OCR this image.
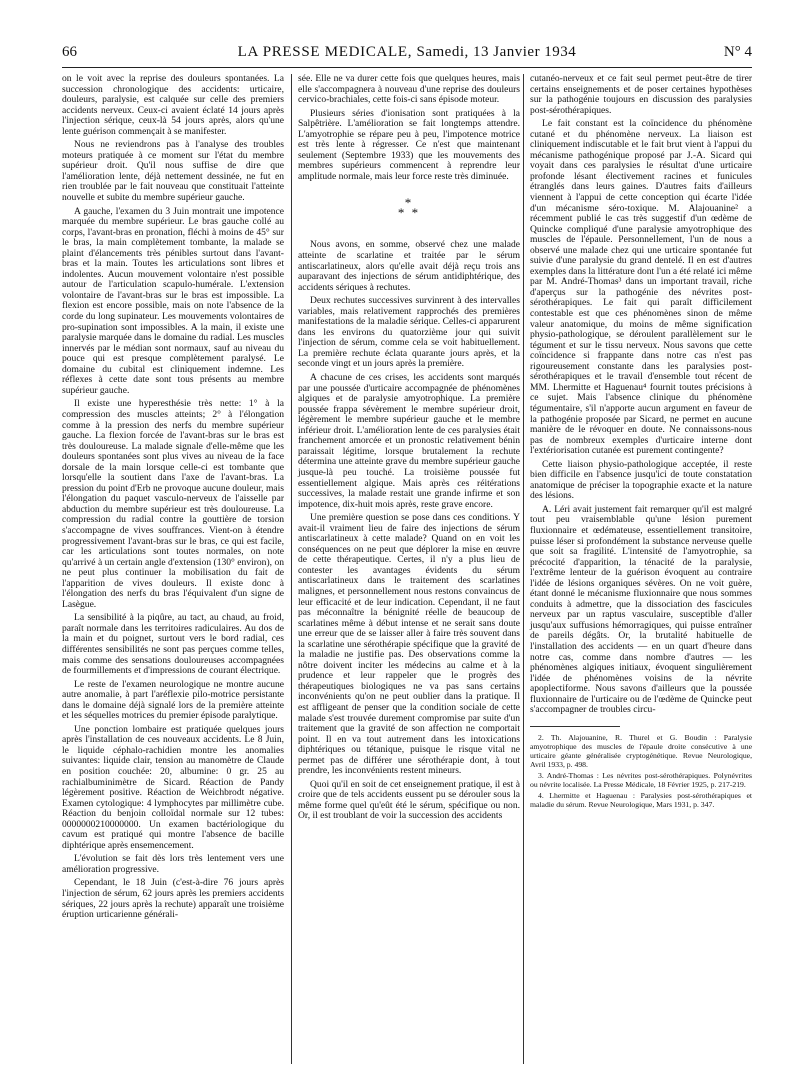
66	LA PRESSE MEDICALE, Samedi, 13 Janvier 1934	N° 4

on le voit avec la reprise des douleurs spontanées. La succession chronologique des accidents: urticaire, douleurs, paralysie, est calquée sur celle des premiers accidents nerveux. Ceux-ci avaient éclaté 14 jours après l'injection sérique, ceux-là 54 jours après, alors qu'une lente guérison commençait à se manifester.

Nous ne reviendrons pas à l'analyse des troubles moteurs pratiquée à ce moment sur l'état du membre supérieur droit. Qu'il nous suffise de dire que l'amélioration lente, déjà nettement dessinée, ne fut en rien troublée par le fait nouveau que constituait l'atteinte nouvelle et subite du membre supérieur gauche.

A gauche, l'examen du 3 Juin montrait une impotence marquée du membre supérieur. Le bras gauche collé au corps, l'avant-bras en pronation, fléchi à moins de 45° sur le bras, la main complètement tombante, la malade se plaint d'élancements très pénibles surtout dans l'avant-bras et la main. Toutes les articulations sont libres et indolentes. Aucun mouvement volontaire n'est possible autour de l'articulation scapulo-humérale. L'extension volontaire de l'avant-bras sur le bras est impossible. La flexion est encore possible, mais on note l'absence de la corde du long supinateur. Les mouvements volontaires de pro-supination sont impossibles. A la main, il existe une paralysie marquée dans le domaine du radial. Les muscles innervés par le médian sont normaux, sauf au niveau du pouce qui est presque complètement paralysé. Le domaine du cubital est cliniquement indemne. Les réflexes à cette date sont tous présents au membre supérieur gauche.

Il existe une hyperesthésie très nette: 1° à la compression des muscles atteints; 2° à l'élongation comme à la pression des nerfs du membre supérieur gauche. La flexion forcée de l'avant-bras sur le bras est très douloureuse. La malade signale d'elle-même que les douleurs spontanées sont plus vives au niveau de la face dorsale de la main lorsque celle-ci est tombante que lorsqu'elle la soutient dans l'axe de l'avant-bras. La pression du point d'Erb ne provoque aucune douleur, mais l'élongation du paquet vasculo-nerveux de l'aisselle par abduction du membre supérieur est très douloureuse. La compression du radial contre la gouttière de torsion s'accompagne de vives souffrances. Vient-on à étendre progressivement l'avant-bras sur le bras, ce qui est facile, car les articulations sont toutes normales, on note qu'arrivé à un certain angle d'extension (130° environ), on ne peut plus continuer la mobilisation du fait de l'apparition de vives douleurs. Il existe donc à l'élongation des nerfs du bras l'équivalent d'un signe de Lasègue.

La sensibilité à la piqûre, au tact, au chaud, au froid, paraît normale dans les territoires radiculaires. Au dos de la main et du poignet, surtout vers le bord radial, ces différentes sensibilités ne sont pas perçues comme telles, mais comme des sensations douloureuses accompagnées de fourmillements et d'impressions de courant électrique.

Le reste de l'examen neurologique ne montre aucune autre anomalie, à part l'aréflexie pilo-motrice persistante dans le domaine déjà signalé lors de la première atteinte et les séquelles motrices du premier épisode paralytique.

Une ponction lombaire est pratiquée quelques jours après l'installation de ces nouveaux accidents. Le 8 Juin, le liquide céphalo-rachidien montre les anomalies suivantes: liquide clair, tension au manomètre de Claude en position couchée: 20, albumine: 0 gr. 25 au rachialbuminimètre de Sicard. Réaction de Pandy légèrement positive. Réaction de Weichbrodt négative. Examen cytologique: 4 lymphocytes par millimètre cube. Réaction du benjoin colloïdal normale sur 12 tubes: 0000000210000000. Un examen bactériologique du cavum est pratiqué qui montre l'absence de bacille diphtérique après ensemencement.

L'évolution se fait dès lors très lentement vers une amélioration progressive.

Cependant, le 18 Juin (c'est-à-dire 76 jours après l'injection de sérum, 62 jours après les premiers accidents sériques, 22 jours après la rechute) apparaît une troisième éruption urticarienne générali-

sée. Elle ne va durer cette fois que quelques heures, mais elle s'accompagnera à nouveau d'une reprise des douleurs cervico-brachiales, cette fois-ci sans épisode moteur.

Plusieurs séries d'ionisation sont pratiquées à la Salpêtrière. L'amélioration se fait longtemps attendre. L'amyotrophie se répare peu à peu, l'impotence motrice est très lente à régresser. Ce n'est que maintenant seulement (Septembre 1933) que les mouvements des membres supérieurs commencent à reprendre leur amplitude normale, mais leur force reste très diminuée.

*
* *

Nous avons, en somme, observé chez une malade atteinte de scarlatine et traitée par le sérum antiscarlatineux, alors qu'elle avait déjà reçu trois ans auparavant des injections de sérum antidiphtérique, des accidents sériques à rechutes.

Deux rechutes successives survinrent à des intervalles variables, mais relativement rapprochés des premières manifestations de la maladie sérique. Celles-ci apparurent dans les environs du quatorzième jour qui suivit l'injection de sérum, comme cela se voit habituellement. La première rechute éclata quarante jours après, et la seconde vingt et un jours après la première.

A chacune de ces crises, les accidents sont marqués par une poussée d'urticaire accompagnée de phénomènes algiques et de paralysie amyotrophique. La première poussée frappa sévèrement le membre supérieur droit, légèrement le membre supérieur gauche et le membre inférieur droit. L'amélioration lente de ces paralysies était franchement amorcée et un pronostic relativement bénin paraissait légitime, lorsque brutalement la rechute détermina une atteinte grave du membre supérieur gauche jusque-là peu touché. La troisième poussée fut essentiellement algique. Mais après ces réitérations successives, la malade restait une grande infirme et son impotence, dix-huit mois après, reste grave encore.

Une première question se pose dans ces conditions. Y avait-il vraiment lieu de faire des injections de sérum antiscarlatineux à cette malade? Quand on en voit les conséquences on ne peut que déplorer la mise en œuvre de cette thérapeutique. Certes, il n'y a plus lieu de contester les avantages évidents du sérum antiscarlatineux dans le traitement des scarlatines malignes, et personnellement nous restons convaincus de leur efficacité et de leur indication. Cependant, il ne faut pas méconnaître la bénignité réelle de beaucoup de scarlatines même à début intense et ne serait sans doute une erreur que de se laisser aller à faire très souvent dans la scarlatine une sérothérapie spécifique que la gravité de la maladie ne justifie pas. Des observations comme la nôtre doivent inciter les médecins au calme et à la prudence et leur rappeler que le progrès des thérapeutiques biologiques ne va pas sans certains inconvénients qu'on ne peut oublier dans la pratique. Il est affligeant de penser que la condition sociale de cette malade s'est trouvée durement compromise par suite d'un traitement que la gravité de son affection ne comportait point. Il en va tout autrement dans les intoxications diphtériques ou tétanique, puisque le risque vital ne permet pas de différer une sérothérapie dont, à tout prendre, les inconvénients restent mineurs.

Quoi qu'il en soit de cet enseignement pratique, il est à croire que de tels accidents eussent pu se dérouler sous la même forme quel qu'eût été le sérum, spécifique ou non. Or, il est troublant de voir la succession des accidents

cutanéo-nerveux et ce fait seul permet peut-être de tirer certains enseignements et de poser certaines hypothèses sur la pathogénie toujours en discussion des paralysies post-sérothérapiques.

Le fait constant est la coïncidence du phénomène cutané et du phénomène nerveux. La liaison est cliniquement indiscutable et le fait brut vient à l'appui du mécanisme pathogénique proposé par J.-A. Sicard qui voyait dans ces paralysies le résultat d'une urticaire profonde lésant électivement racines et funicules étranglés dans leurs gaines. D'autres faits d'ailleurs viennent à l'appui de cette conception qui écarte l'idée d'un mécanisme séro-toxique. M. Alajouanine² a récemment publié le cas très suggestif d'un œdème de Quincke compliqué d'une paralysie amyotrophique des muscles de l'épaule. Personnellement, l'un de nous a observé une malade chez qui une urticaire spontanée fut suivie d'une paralysie du grand dentelé. Il en est d'autres exemples dans la littérature dont l'un a été relaté ici même par M. André-Thomas³ dans un important travail, riche d'aperçus sur la pathogénie des névrites post-sérothérapiques. Le fait qui paraît difficilement contestable est que ces phénomènes sinon de même valeur anatomique, du moins de même signification physio-pathologique, se déroulent parallèlement sur le tégument et sur le tissu nerveux. Nous savons que cette coïncidence si frappante dans notre cas n'est pas rigoureusement constante dans les paralysies post-sérothérapiques et le travail d'ensemble tout récent de MM. Lhermitte et Haguenau⁴ fournit toutes précisions à ce sujet. Mais l'absence clinique du phénomène tégumentaire, s'il n'apporte aucun argument en faveur de la pathogénie proposée par Sicard, ne permet en aucune manière de le révoquer en doute. Ne connaissons-nous pas de nombreux exemples d'urticaire interne dont l'extériorisation cutanée est purement contingente?

Cette liaison physio-pathologique acceptée, il reste bien difficile en l'absence jusqu'ici de toute constatation anatomique de préciser la topographie exacte et la nature des lésions.

A. Léri avait justement fait remarquer qu'il est malgré tout peu vraisemblable qu'une lésion purement fluxionnaire et œdémateuse, essentiellement transitoire, puisse léser si profondément la substance nerveuse quelle que soit sa fragilité. L'intensité de l'amyotrophie, sa précocité d'apparition, la ténacité de la paralysie, l'extrême lenteur de la guérison évoquent au contraire l'idée de lésions organiques sévères. On ne voit guère, étant donné le mécanisme fluxionnaire que nous sommes conduits à admettre, que la dissociation des fascicules nerveux par un raptus vasculaire, susceptible d'aller jusqu'aux suffusions hémorragiques, qui puisse entraîner de pareils dégâts. Or, la brutalité habituelle de l'installation des accidents — en un quart d'heure dans notre cas, comme dans nombre d'autres — les phénomènes algiques initiaux, évoquent singulièrement l'idée de phénomènes voisins de la névrite apoplectiforme. Nous savons d'ailleurs que la poussée fluxionnaire de l'urticaire ou de l'œdème de Quincke peut s'accompagner de troubles circu-

2. Th. Alajouanine, R. Thurel et G. Boudin : Paralysie amyotrophique des muscles de l'épaule droite consécutive à une urticaire géante généralisée cryptogénétique. Revue Neurologique, Avril 1933, p. 498.

3. André-Thomas : Les névrites post-sérothérapiques. Polynévrites ou névrite localisée. La Presse Médicale, 18 Février 1925, p. 217-219.

4. Lhermitte et Haguenau : Paralysies post-sérothérapiques et maladie du sérum. Revue Neurologique, Mars 1931, p. 347.
